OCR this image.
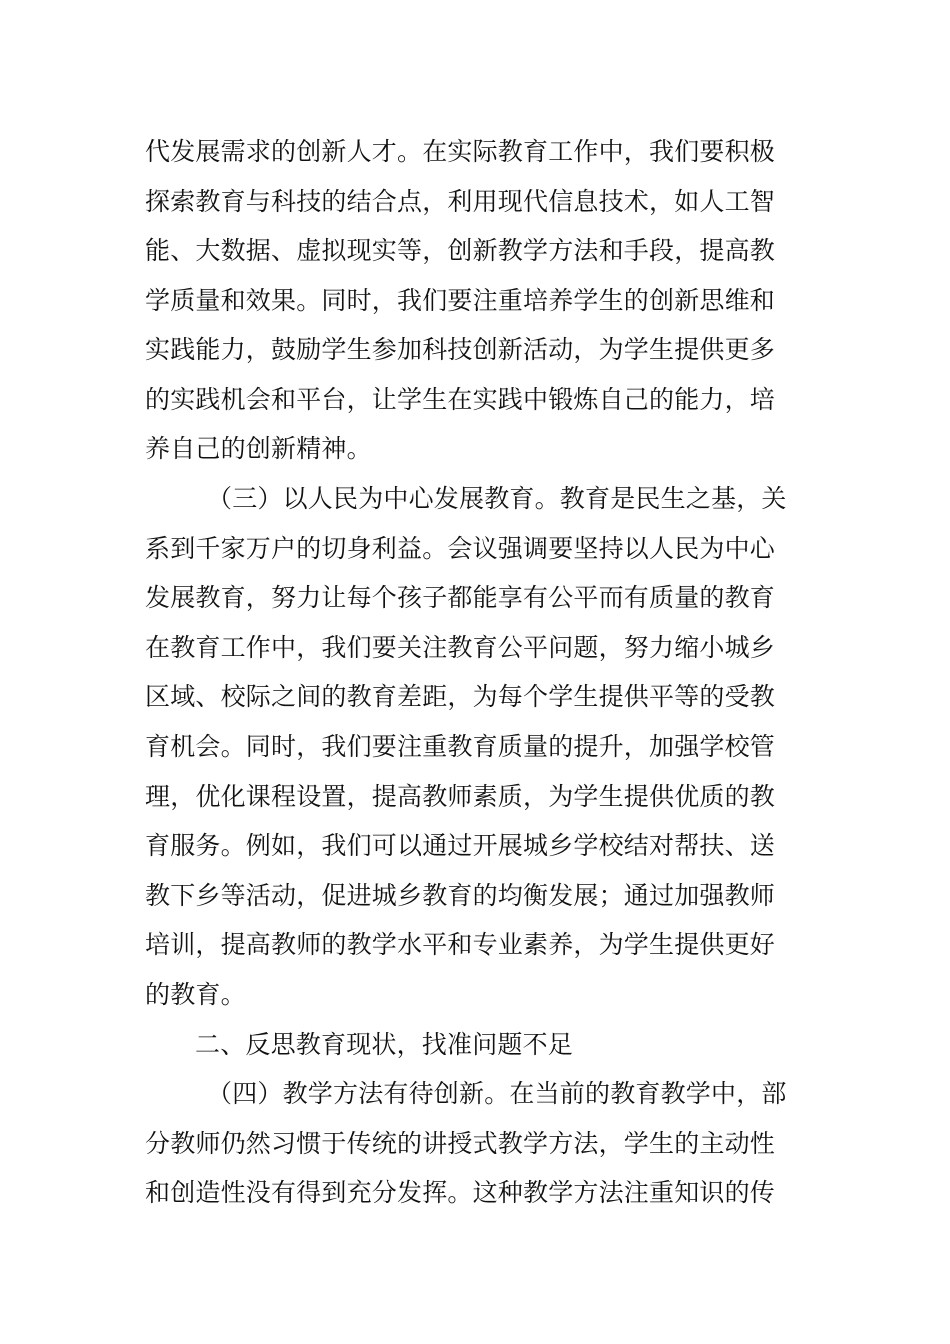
代发展需求的创新人才。在实际教育工作中，我们要积极
探索教育与科技的结合点，利用现代信息技术，如人工智
能、大数据、虚拟现实等，创新教学方法和手段，提高教
学质量和效果。同时，我们要注重培养学生的创新思维和
实践能力，鼓励学生参加科技创新活动，为学生提供更多
的实践机会和平台，让学生在实践中锻炼自己的能力，培
养自己的创新精神。
（三）以人民为中心发展教育。教育是民生之基，关
系到千家万户的切身利益。会议强调要坚持以人民为中心
发展教育，努力让每个孩子都能享有公平而有质量的教育
在教育工作中，我们要关注教育公平问题，努力缩小城乡
区域、校际之间的教育差距，为每个学生提供平等的受教
育机会。同时，我们要注重教育质量的提升，加强学校管
理，优化课程设置，提高教师素质，为学生提供优质的教
育服务。例如，我们可以通过开展城乡学校结对帮扶、送
教下乡等活动，促进城乡教育的均衡发展；通过加强教师
培训，提高教师的教学水平和专业素养，为学生提供更好
的教育。
二、反思教育现状，找准问题不足
（四）教学方法有待创新。在当前的教育教学中，部
分教师仍然习惯于传统的讲授式教学方法，学生的主动性
和创造性没有得到充分发挥。这种教学方法注重知识的传
